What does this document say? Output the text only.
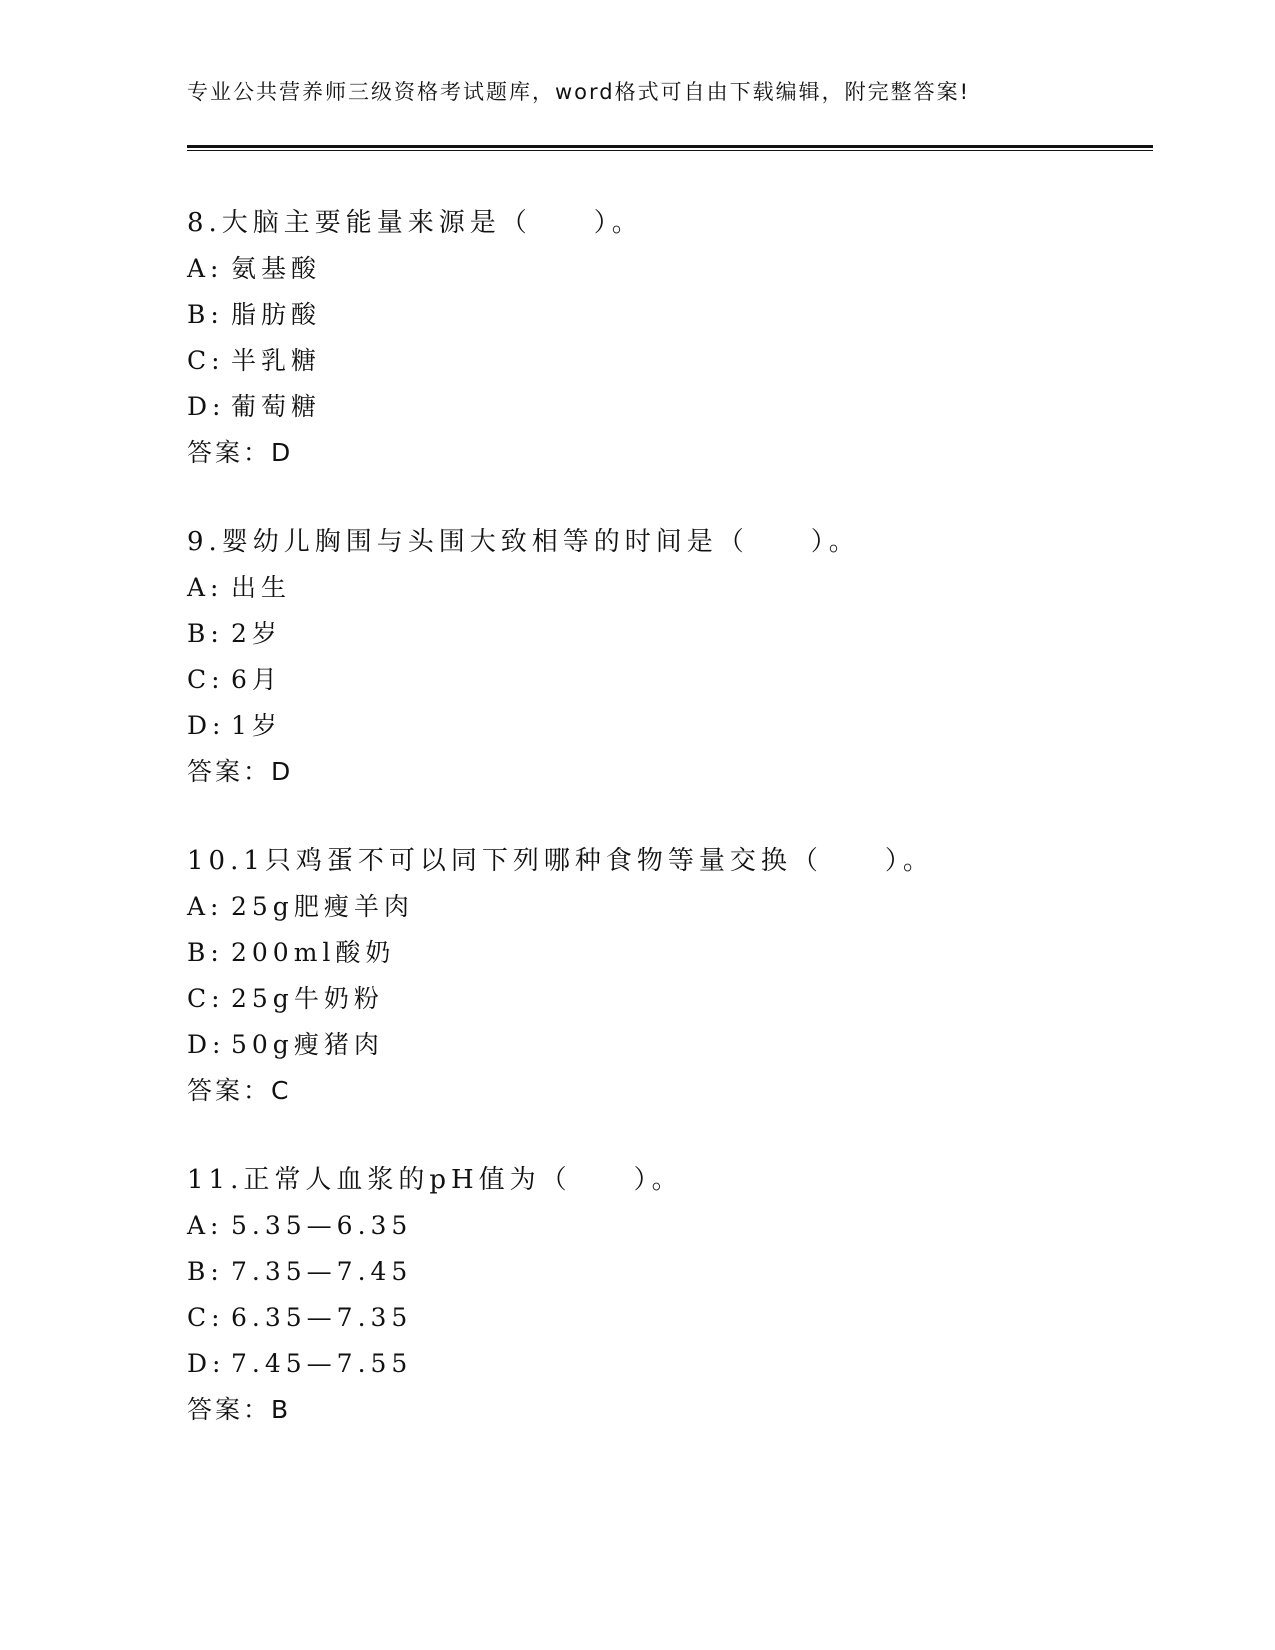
专业公共营养师三级资格考试题库，word格式可自由下载编辑，附完整答案!
8.大脑主要能量来源是（　　）。
A: 氨基酸
B: 脂肪酸
C: 半乳糖
D: 葡萄糖
答案：D
9.婴幼儿胸围与头围大致相等的时间是（　　）。
A: 出生
B: 2岁
C: 6月
D: 1岁
答案：D
10.1只鸡蛋不可以同下列哪种食物等量交换（　　）。
A: 25g肥瘦羊肉
B: 200ml酸奶
C: 25g牛奶粉
D: 50g瘦猪肉
答案：C
11.正常人血浆的pH值为（　　）。
A: 5.35—6.35
B: 7.35—7.45
C: 6.35—7.35
D: 7.45—7.55
答案：B
